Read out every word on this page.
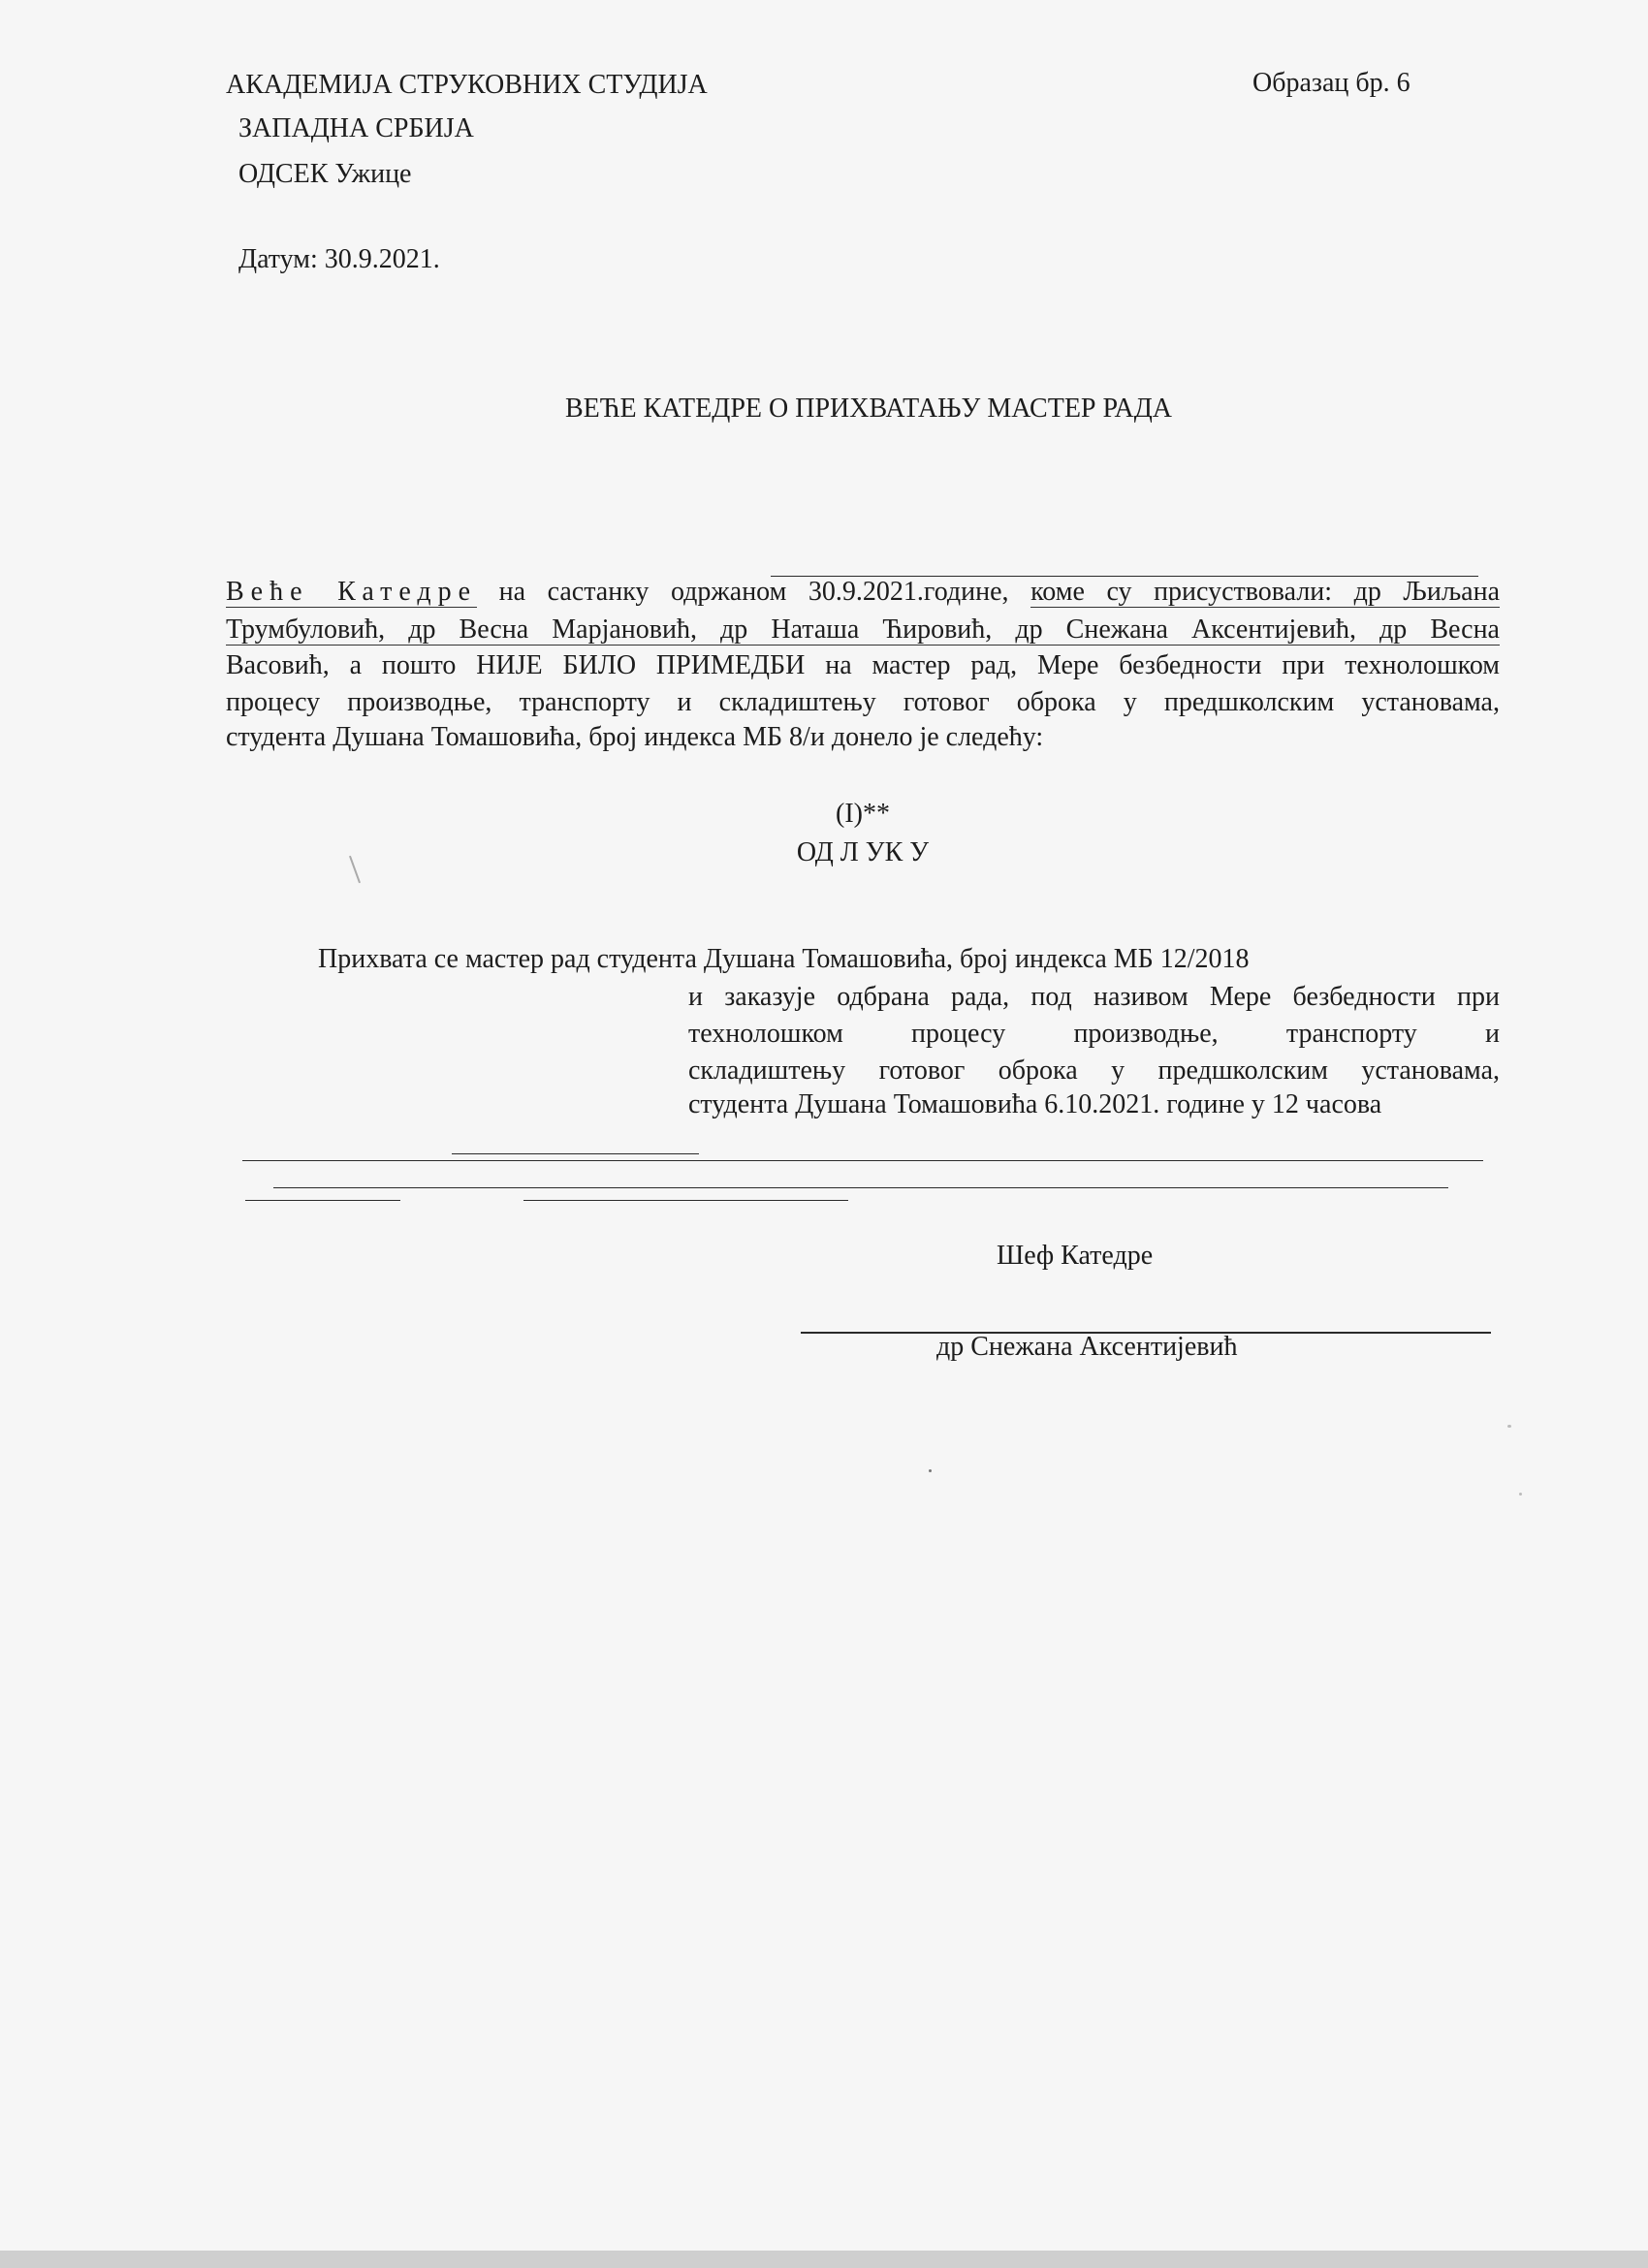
АКАДЕМИЈА СТРУКОВНИХ СТУДИЈА
ЗАПАДНА СРБИЈА
ОДСЕК Ужице
Образац бр. 6
Датум: 30.9.2021.
ВЕЋЕ КАТЕДРЕ О ПРИХВАТАЊУ МАСТЕР РАДА
Веће Катедре на састанку одржаном 30.9.2021.године, коме су присуствовали: др Љиљана
Трумбуловић, др Весна Марјановић, др Наташа Ћировић, др Снежана Аксентијевић, др Весна
Васовић, а пошто НИЈЕ БИЛО ПРИМЕДБИ на мастер рад, Мере безбедности при технолошком
процесу производње, транспорту и складиштењу готовог оброка у предшколским установама,
студента Душана Томашовића, број индекса МБ 8/и донело је следећу:
(I)**
ОД Л УК У
Прихвата се мастер рад студента Душана Томашовића, број индекса МБ 12/2018
и заказује одбрана рада, под називом Мере безбедности при
технолошком процесу производње, транспорту и
складиштењу готовог оброка у предшколским установама,
студента Душана Томашовића 6.10.2021. године у 12 часова
Шеф Катедре
др Снежана Аксентијевић
